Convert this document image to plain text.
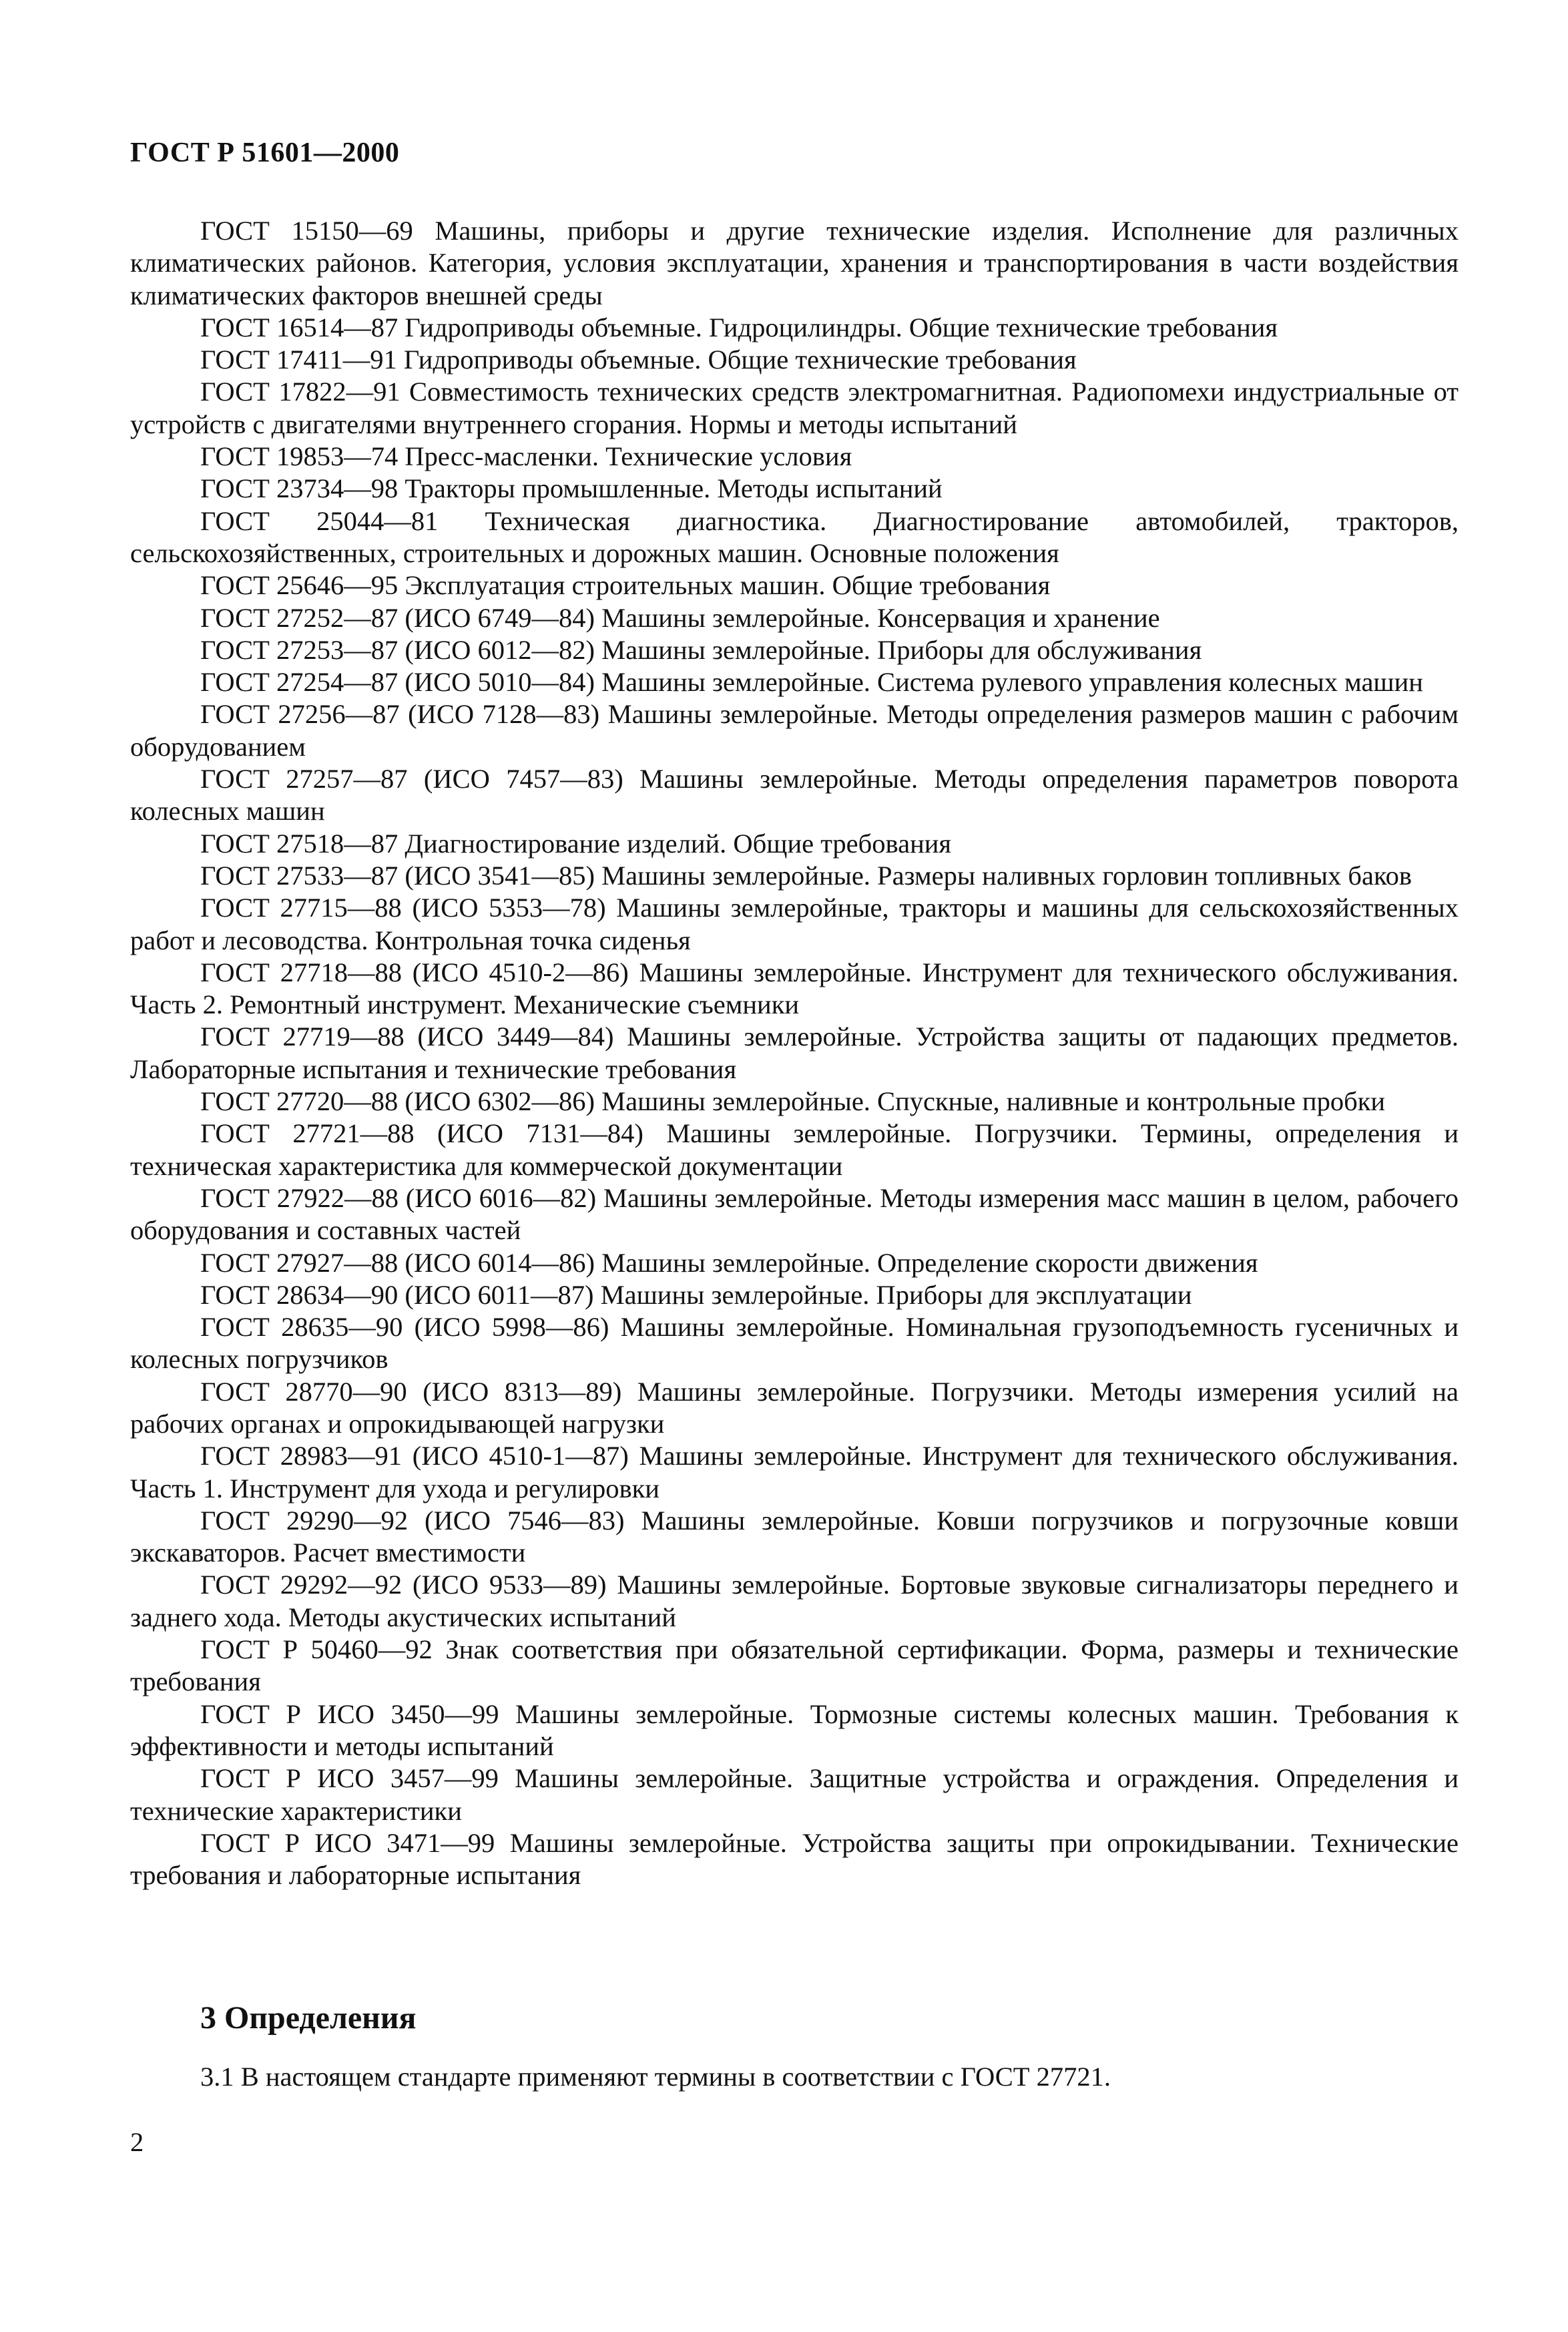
ГОСТ Р 51601—2000

ГОСТ 15150—69 Машины, приборы и другие технические изделия. Исполнение для различных климатических районов. Категория, условия эксплуатации, хранения и транспортирования в части воздействия климатических факторов внешней среды

ГОСТ 16514—87 Гидроприводы объемные. Гидроцилиндры. Общие технические требования

ГОСТ 17411—91 Гидроприводы объемные. Общие технические требования

ГОСТ 17822—91 Совместимость технических средств электромагнитная. Радиопомехи индустриальные от устройств с двигателями внутреннего сгорания. Нормы и методы испытаний

ГОСТ 19853—74 Пресс-масленки. Технические условия

ГОСТ 23734—98 Тракторы промышленные. Методы испытаний

ГОСТ 25044—81 Техническая диагностика. Диагностирование автомобилей, тракторов, сельскохозяйственных, строительных и дорожных машин. Основные положения

ГОСТ 25646—95 Эксплуатация строительных машин. Общие требования

ГОСТ 27252—87 (ИСО 6749—84) Машины землеройные. Консервация и хранение

ГОСТ 27253—87 (ИСО 6012—82) Машины землеройные. Приборы для обслуживания

ГОСТ 27254—87 (ИСО 5010—84) Машины землеройные. Система рулевого управления колесных машин

ГОСТ 27256—87 (ИСО 7128—83) Машины землеройные. Методы определения размеров машин с рабочим оборудованием

ГОСТ 27257—87 (ИСО 7457—83) Машины землеройные. Методы определения параметров поворота колесных машин

ГОСТ 27518—87 Диагностирование изделий. Общие требования

ГОСТ 27533—87 (ИСО 3541—85) Машины землеройные. Размеры наливных горловин топливных баков

ГОСТ 27715—88 (ИСО 5353—78) Машины землеройные, тракторы и машины для сельскохозяйственных работ и лесоводства. Контрольная точка сиденья

ГОСТ 27718—88 (ИСО 4510-2—86) Машины землеройные. Инструмент для технического обслуживания. Часть 2. Ремонтный инструмент. Механические съемники

ГОСТ 27719—88 (ИСО 3449—84) Машины землеройные. Устройства защиты от падающих предметов. Лабораторные испытания и технические требования

ГОСТ 27720—88 (ИСО 6302—86) Машины землеройные. Спускные, наливные и контрольные пробки

ГОСТ 27721—88 (ИСО 7131—84) Машины землеройные. Погрузчики. Термины, определения и техническая характеристика для коммерческой документации

ГОСТ 27922—88 (ИСО 6016—82) Машины землеройные. Методы измерения масс машин в целом, рабочего оборудования и составных частей

ГОСТ 27927—88 (ИСО 6014—86) Машины землеройные. Определение скорости движения

ГОСТ 28634—90 (ИСО 6011—87) Машины землеройные. Приборы для эксплуатации

ГОСТ 28635—90 (ИСО 5998—86) Машины землеройные. Номинальная грузоподъемность гусеничных и колесных погрузчиков

ГОСТ 28770—90 (ИСО 8313—89) Машины землеройные. Погрузчики. Методы измерения усилий на рабочих органах и опрокидывающей нагрузки

ГОСТ 28983—91 (ИСО 4510-1—87) Машины землеройные. Инструмент для технического обслуживания. Часть 1. Инструмент для ухода и регулировки

ГОСТ 29290—92 (ИСО 7546—83) Машины землеройные. Ковши погрузчиков и погрузочные ковши экскаваторов. Расчет вместимости

ГОСТ 29292—92 (ИСО 9533—89) Машины землеройные. Бортовые звуковые сигнализаторы переднего и заднего хода. Методы акустических испытаний

ГОСТ Р 50460—92 Знак соответствия при обязательной сертификации. Форма, размеры и технические требования

ГОСТ Р ИСО 3450—99 Машины землеройные. Тормозные системы колесных машин. Требования к эффективности и методы испытаний

ГОСТ Р ИСО 3457—99 Машины землеройные. Защитные устройства и ограждения. Определения и технические характеристики

ГОСТ Р ИСО 3471—99 Машины землеройные. Устройства защиты при опрокидывании. Технические требования и лабораторные испытания

3 Определения

3.1 В настоящем стандарте применяют термины в соответствии с ГОСТ 27721.

2
